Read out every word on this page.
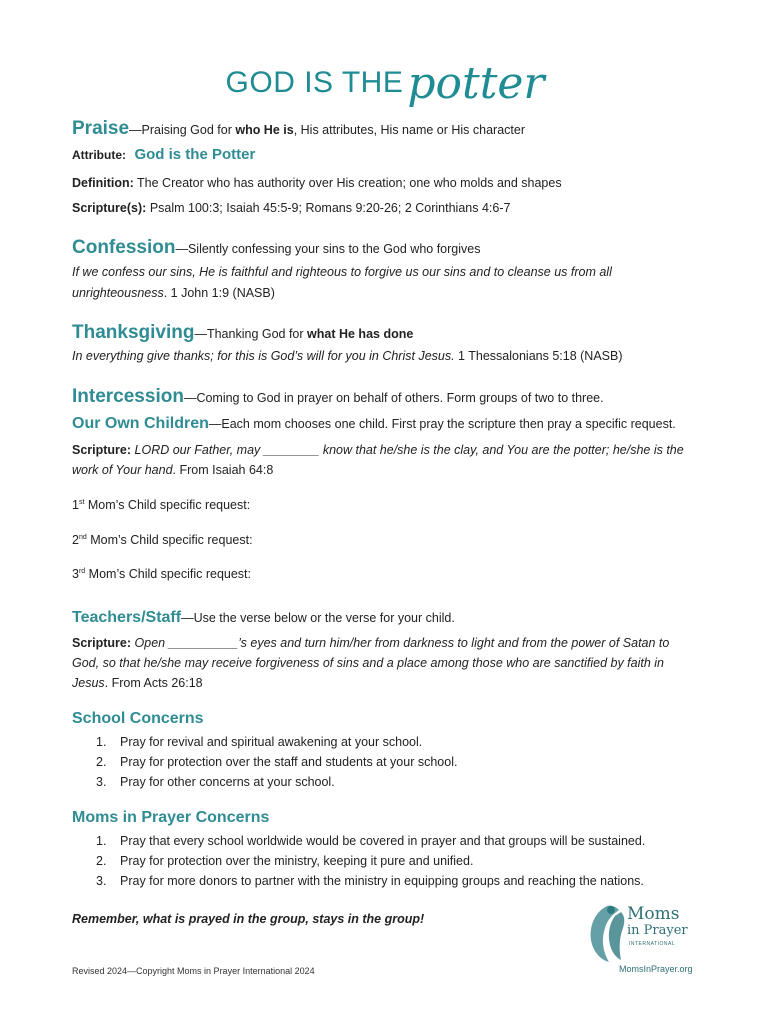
GOD IS THEpotter
Praise—Praising God for who He is, His attributes, His name or His character
Attribute: God is the Potter
Definition: The Creator who has authority over His creation; one who molds and shapes
Scripture(s): Psalm 100:3; Isaiah 45:5-9; Romans 9:20-26; 2 Corinthians 4:6-7
Confession—Silently confessing your sins to the God who forgives
If we confess our sins, He is faithful and righteous to forgive us our sins and to cleanse us from all
unrighteousness. 1 John 1:9 (NASB)
Thanksgiving—Thanking God for what He has done
In everything give thanks; for this is God’s will for you in Christ Jesus. 1 Thessalonians 5:18 (NASB)
Intercession—Coming to God in prayer on behalf of others. Form groups of two to three.
Our Own Children—Each mom chooses one child. First pray the scripture then pray a specific request.
Scripture: LORD our Father, may ________ know that he/she is the clay, and You are the potter; he/she is the
work of Your hand. From Isaiah 64:8
1st Mom’s Child specific request:
2nd Mom’s Child specific request:
3rd Mom’s Child specific request:
Teachers/Staff—Use the verse below or the verse for your child.
Scripture: Open __________’s eyes and turn him/her from darkness to light and from the power of Satan to
God, so that he/she may receive forgiveness of sins and a place among those who are sanctified by faith in
Jesus. From Acts 26:18
School Concerns
1. Pray for revival and spiritual awakening at your school.
2. Pray for protection over the staff and students at your school.
3. Pray for other concerns at your school.
Moms in Prayer Concerns
1. Pray that every school worldwide would be covered in prayer and that groups will be sustained.
2. Pray for protection over the ministry, keeping it pure and unified.
3. Pray for more donors to partner with the ministry in equipping groups and reaching the nations.
Remember, what is prayed in the group, stays in the group!
Revised 2024—Copyright Moms in Prayer International 2024
Moms
in Prayer
INTERNATIONAL
MomsInPrayer.org
